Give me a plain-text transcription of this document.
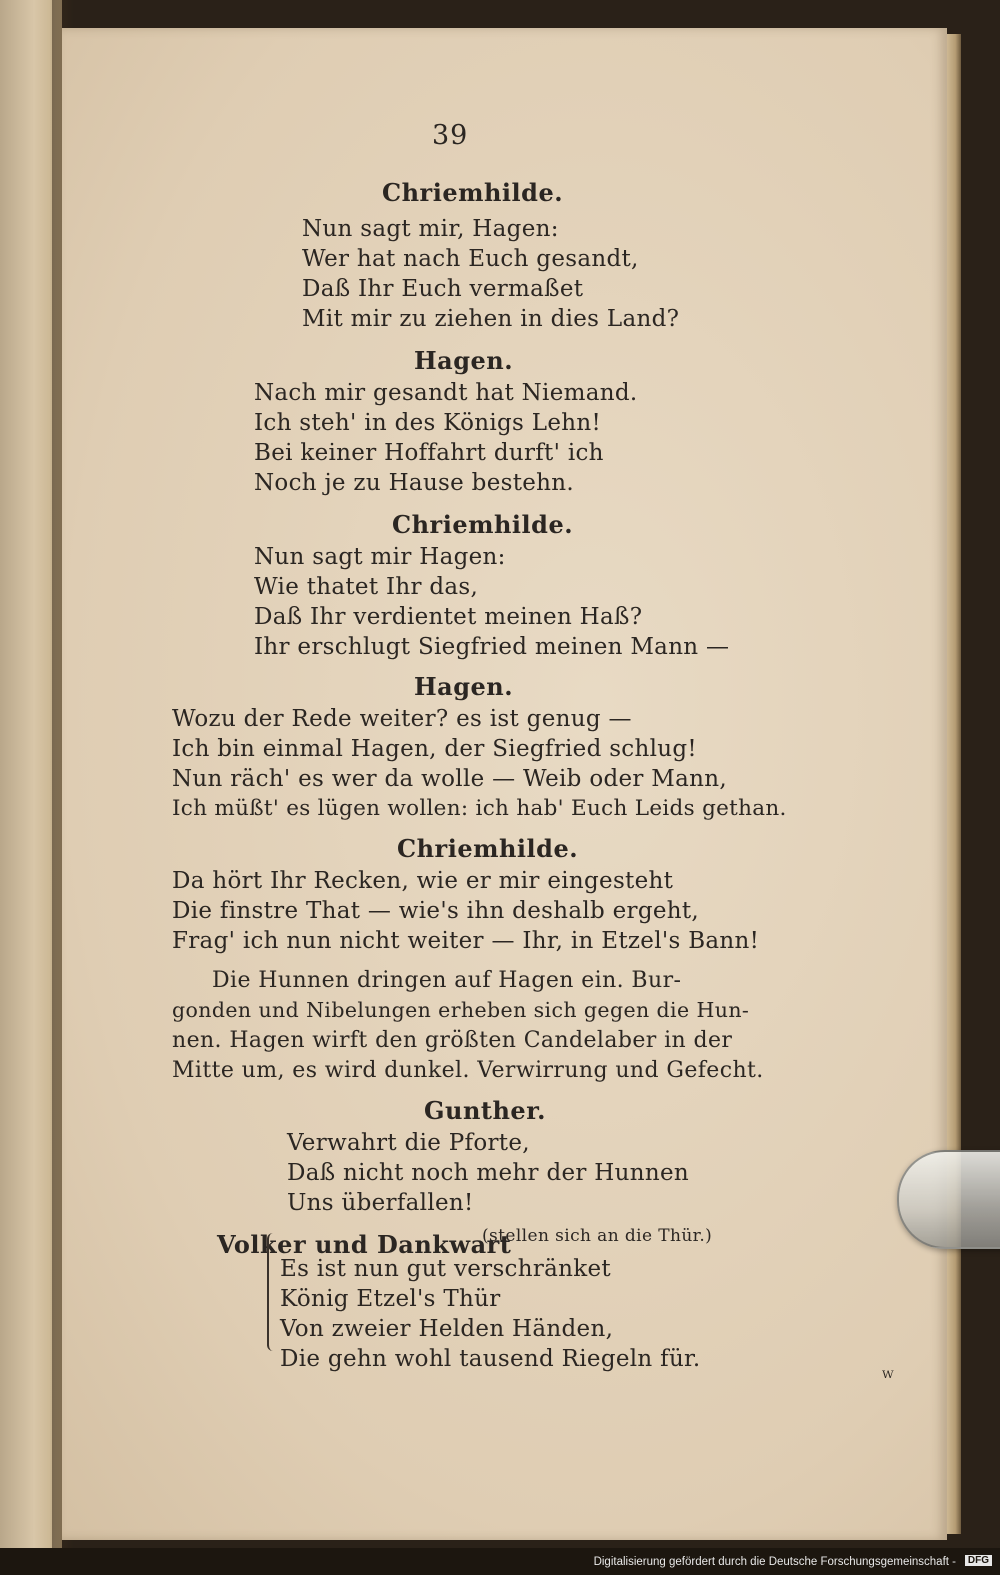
39
Chriemhilde.
Nun sagt mir, Hagen:
Wer hat nach Euch gesandt,
Daß Ihr Euch vermaßet
Mit mir zu ziehen in dies Land?
Hagen.
Nach mir gesandt hat Niemand.
Ich steh' in des Königs Lehn!
Bei keiner Hoffahrt durft' ich
Noch je zu Hause bestehn.
Chriemhilde.
Nun sagt mir Hagen:
Wie thatet Ihr das,
Daß Ihr verdientet meinen Haß?
Ihr erschlugt Siegfried meinen Mann —
Hagen.
Wozu der Rede weiter? es ist genug —
Ich bin einmal Hagen, der Siegfried schlug!
Nun räch' es wer da wolle — Weib oder Mann,
Ich müßt' es lügen wollen: ich hab' Euch Leids gethan.
Chriemhilde.
Da hört Ihr Recken, wie er mir eingesteht
Die finstre That — wie's ihn deshalb ergeht,
Frag' ich nun nicht weiter — Ihr, in Etzel's Bann!
Die Hunnen dringen auf Hagen ein. Bur-
gonden und Nibelungen erheben sich gegen die Hun-
nen. Hagen wirft den größten Candelaber in der
Mitte um, es wird dunkel. Verwirrung und Gefecht.
Gunther.
Verwahrt die Pforte,
Daß nicht noch mehr der Hunnen
Uns überfallen!
Volker und Dankwart
(stellen sich an die Thür.)
Es ist nun gut verschränket
König Etzel's Thür
Von zweier Helden Händen,
Die gehn wohl tausend Riegeln für.
ᵂ
Digitalisierung gefördert durch die Deutsche Forschungsgemeinschaft -	DFG
